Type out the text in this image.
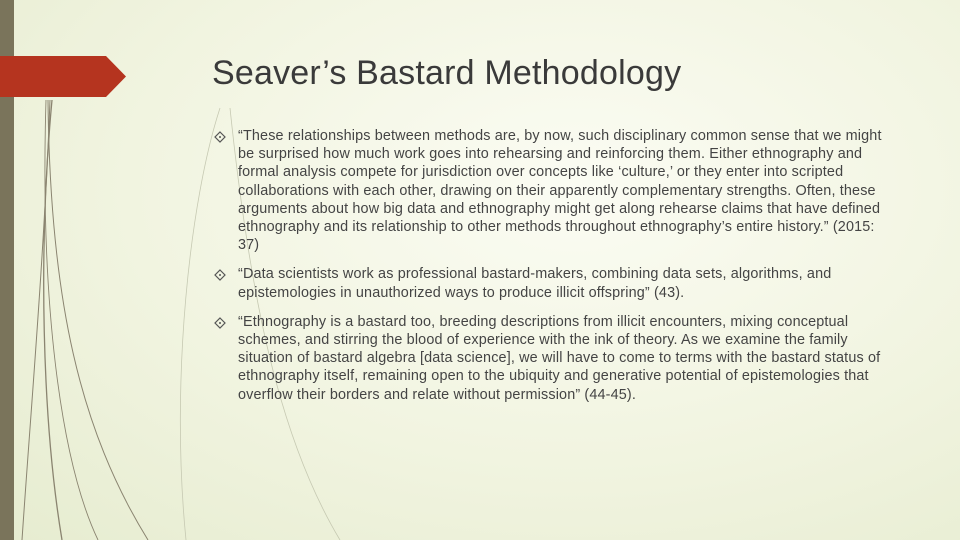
Seaver’s Bastard Methodology
“These relationships between methods are, by now, such disciplinary common sense that we might be surprised how much work goes into rehearsing and reinforcing them. Either ethnography and formal analysis compete for jurisdiction over concepts like ‘culture,’ or they enter into scripted collaborations with each other, drawing on their apparently complementary strengths. Often, these arguments about how big data and ethnography might get along rehearse claims that have defined ethnography and its relationship to other methods throughout ethnography’s entire history.” (2015: 37)
“Data scientists work as professional bastard-makers, combining data sets, algorithms, and epistemologies in unauthorized ways to produce illicit offspring” (43).
“Ethnography is a bastard too, breeding descriptions from illicit encounters, mixing conceptual schemes, and stirring the blood of experience with the ink of theory. As we examine the family situation of bastard algebra [data science], we will have to come to terms with the bastard status of ethnography itself, remaining open to the ubiquity and generative potential of epistemologies that overflow their borders and relate without permission” (44-45).
